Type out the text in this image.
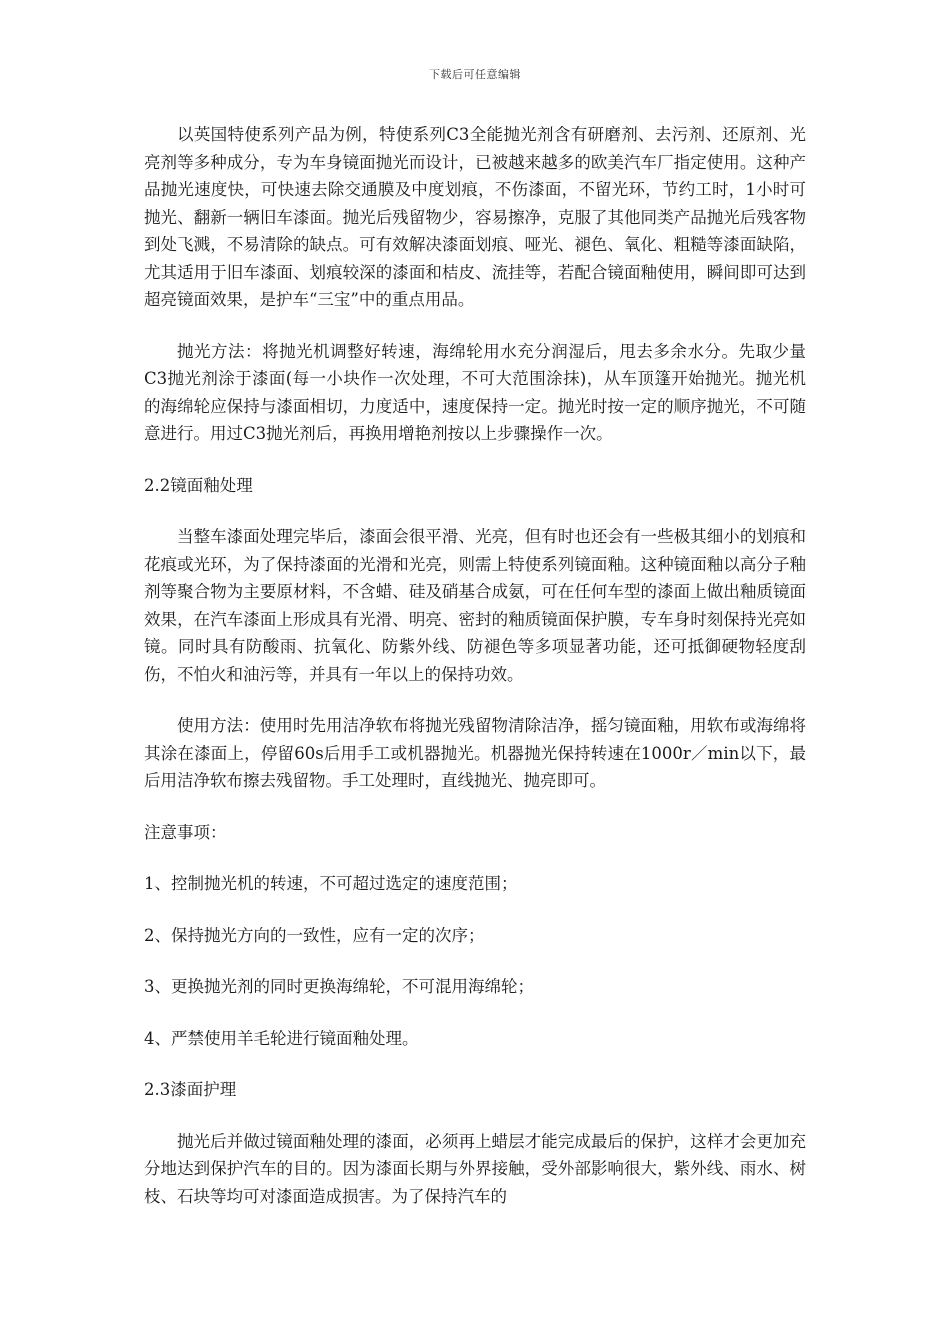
下载后可任意编辑

以英国特使系列产品为例，特使系列C3全能抛光剂含有研磨剂、去污剂、还原剂、光亮剂等多种成分，专为车身镜面抛光而设计，已被越来越多的欧美汽车厂指定使用。这种产品抛光速度快，可快速去除交通膜及中度划痕，不伤漆面，不留光环，节约工时，1小时可抛光、翻新一辆旧车漆面。抛光后残留物少，容易擦净，克服了其他同类产品抛光后残客物到处飞溅，不易清除的缺点。可有效解决漆面划痕、哑光、褪色、氧化、粗糙等漆面缺陷，尤其适用于旧车漆面、划痕较深的漆面和桔皮、流挂等，若配合镜面釉使用，瞬间即可达到超亮镜面效果，是护车“三宝”中的重点用品。

抛光方法：将抛光机调整好转速，海绵轮用水充分润湿后，甩去多余水分。先取少量C3抛光剂涂于漆面(每一小块作一次处理，不可大范围涂抹)，从车顶篷开始抛光。抛光机的海绵轮应保持与漆面相切，力度适中，速度保持一定。抛光时按一定的顺序抛光，不可随意进行。用过C3抛光剂后，再换用增艳剂按以上步骤操作一次。

2.2镜面釉处理

当整车漆面处理完毕后，漆面会很平滑、光亮，但有时也还会有一些极其细小的划痕和花痕或光环，为了保持漆面的光滑和光亮，则需上特使系列镜面釉。这种镜面釉以高分子釉剂等聚合物为主要原材料，不含蜡、硅及硝基合成氨，可在任何车型的漆面上做出釉质镜面效果，在汽车漆面上形成具有光滑、明亮、密封的釉质镜面保护膜，专车身时刻保持光亮如镜。同时具有防酸雨、抗氧化、防紫外线、防褪色等多项显著功能，还可抵御硬物轻度刮伤，不怕火和油污等，并具有一年以上的保持功效。

使用方法：使用时先用洁净软布将抛光残留物清除洁净，摇匀镜面釉，用软布或海绵将其涂在漆面上，停留60s后用手工或机器抛光。机器抛光保持转速在1000r／min以下，最后用洁净软布擦去残留物。手工处理时，直线抛光、抛亮即可。

注意事项：

1、控制抛光机的转速，不可超过选定的速度范围；

2、保持抛光方向的一致性，应有一定的次序；

3、更换抛光剂的同时更换海绵轮，不可混用海绵轮；

4、严禁使用羊毛轮进行镜面釉处理。

2.3漆面护理

抛光后并做过镜面釉处理的漆面，必须再上蜡层才能完成最后的保护，这样才会更加充分地达到保护汽车的目的。因为漆面长期与外界接触，受外部影响很大，紫外线、雨水、树枝、石块等均可对漆面造成损害。为了保持汽车的
